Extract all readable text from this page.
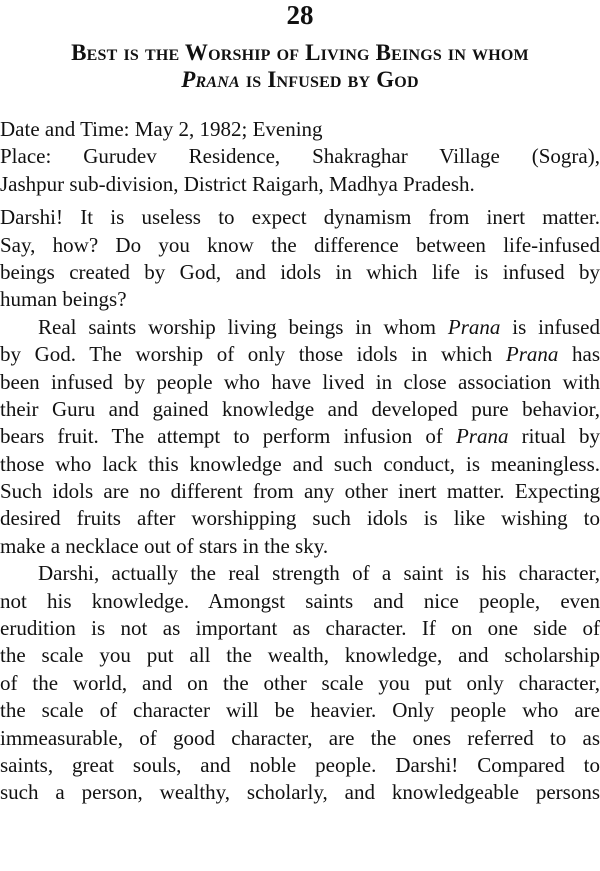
28
Best is the Worship of Living Beings in whom
Prana is Infused by God
Date and Time: May 2, 1982; Evening
Place: Gurudev Residence, Shakraghar Village (Sogra),
Jashpur sub-division, District Raigarh, Madhya Pradesh.
Darshi! It is useless to expect dynamism from inert matter.
Say, how? Do you know the difference between life-infused
beings created by God, and idols in which life is infused by
human beings?
Real saints worship living beings in whom Prana is infused
by God. The worship of only those idols in which Prana has
been infused by people who have lived in close association with
their Guru and gained knowledge and developed pure behavior,
bears fruit. The attempt to perform infusion of Prana ritual by
those who lack this knowledge and such conduct, is meaningless.
Such idols are no different from any other inert matter. Expecting
desired fruits after worshipping such idols is like wishing to
make a necklace out of stars in the sky.
Darshi, actually the real strength of a saint is his character,
not his knowledge. Amongst saints and nice people, even
erudition is not as important as character. If on one side of
the scale you put all the wealth, knowledge, and scholarship
of the world, and on the other scale you put only character,
the scale of character will be heavier. Only people who are
immeasurable, of good character, are the ones referred to as
saints, great souls, and noble people. Darshi! Compared to
such a person, wealthy, scholarly, and knowledgeable persons
